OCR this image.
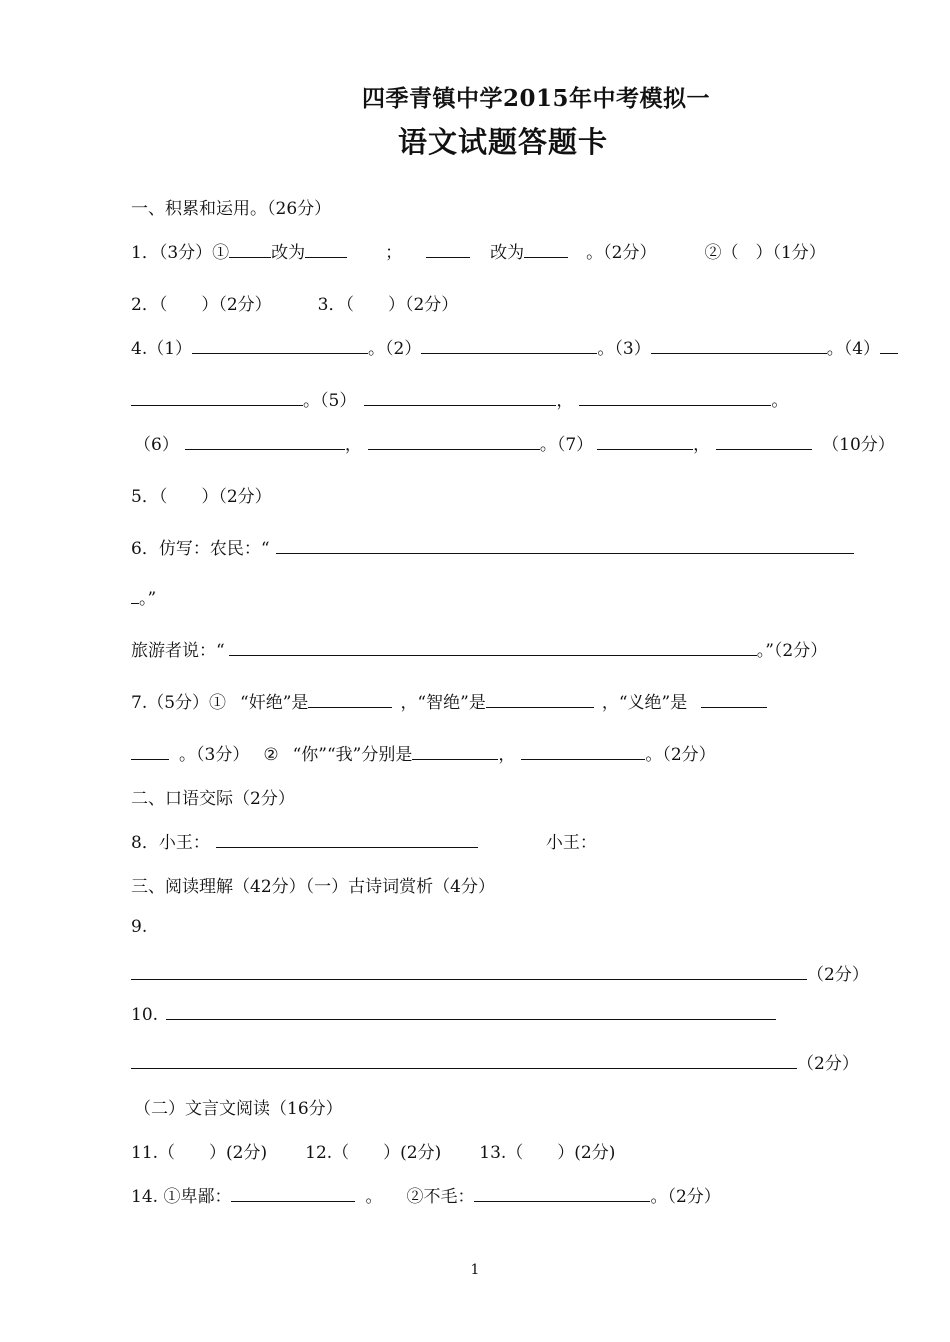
四季青镇中学2015年中考模拟一
语文试题答题卡
一、积累和运用。（26分）
1．（3分）① 改为	；	改为	。（2分）	②（　）（1分）
2．（　　）（2分）	3．（　　）（2分）
4.（1）	。（2）	。（3）	。（4）
。（5）	，	。
（6）	，	。（7）	，	（10分）
5．（　　）（2分）
6．仿写：农民：“
。”
旅游者说：“	。”（2分）
7.（5分）① “奸绝”是	，“智绝”是	，“义绝”是
。（3分） ② “你”“我”分别是	，	。（2分）
二、口语交际（2分）
8．小王：	小王：
三、阅读理解（42分）（一）古诗词赏析（4分）
9.
（2分）
10.
（2分）
（二）文言文阅读（16分）
11.（　　）(2分) 12.（　　）(2分) 13.（　　）(2分)
14. ①卑鄙：	。 ②不毛：	。（2分）
1
